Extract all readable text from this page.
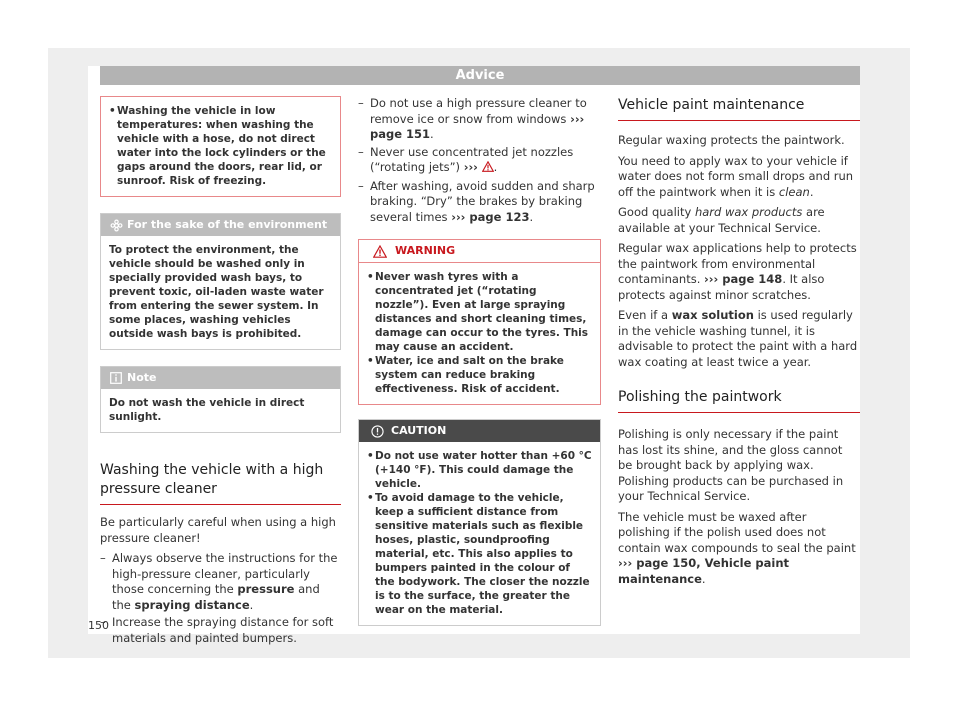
Advice
• Washing the vehicle in low temperatures: when washing the vehicle with a hose, do not direct water into the lock cylinders or the gaps around the doors, rear lid, or sunroof. Risk of freezing.
For the sake of the environment
To protect the environment, the vehicle should be washed only in specially provided wash bays, to prevent toxic, oil-laden waste water from entering the sewer system. In some places, washing vehicles outside wash bays is prohibited.
Note
Do not wash the vehicle in direct sunlight.
Washing the vehicle with a high pressure cleaner

Be particularly careful when using a high pressure cleaner!

– Always observe the instructions for the high-pressure cleaner, particularly those concerning the pressure and the spraying distance.
– Increase the spraying distance for soft materials and painted bumpers.
– Do not use a high pressure cleaner to remove ice or snow from windows ››› page 151.
– Never use concentrated jet nozzles (“rotating jets”) ››› .
– After washing, avoid sudden and sharp braking. “Dry” the brakes by braking several times ››› page 123.
WARNING
• Never wash tyres with a concentrated jet (“rotating nozzle”). Even at large spraying distances and short cleaning times, damage can occur to the tyres. This may cause an accident.
• Water, ice and salt on the brake system can reduce braking effectiveness. Risk of accident.
CAUTION
• Do not use water hotter than +60 °C (+140 °F). This could damage the vehicle.
• To avoid damage to the vehicle, keep a sufficient distance from sensitive materials such as flexible hoses, plastic, soundproofing material, etc. This also applies to bumpers painted in the colour of the bodywork. The closer the nozzle is to the surface, the greater the wear on the material.
Vehicle paint maintenance

Regular waxing protects the paintwork.

You need to apply wax to your vehicle if water does not form small drops and run off the paintwork when it is clean.

Good quality hard wax products are available at your Technical Service.

Regular wax applications help to protects the paintwork from environmental contaminants. ››› page 148. It also protects against minor scratches.

Even if a wax solution is used regularly in the vehicle washing tunnel, it is advisable to protect the paint with a hard wax coating at least twice a year.

Polishing the paintwork

Polishing is only necessary if the paint has lost its shine, and the gloss cannot be brought back by applying wax. Polishing products can be purchased in your Technical Service.

The vehicle must be waxed after polishing if the polish used does not contain wax compounds to seal the paint ››› page 150, Vehicle paint maintenance.

150
